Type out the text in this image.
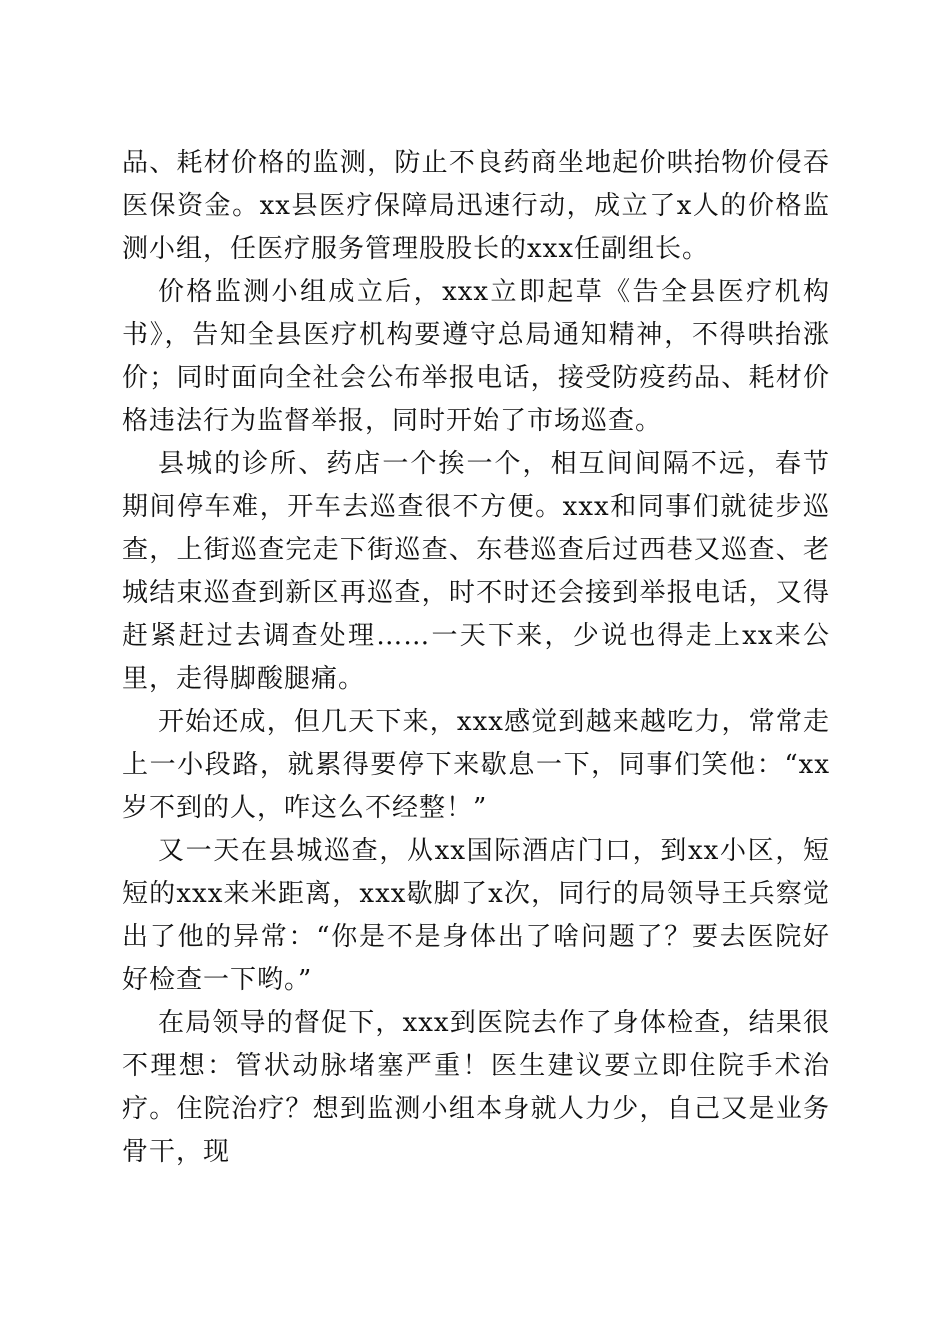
品、耗材价格的监测，防止不良药商坐地起价哄抬物价侵吞医保资金。xx县医疗保障局迅速行动，成立了x人的价格监测小组，任医疗服务管理股股长的xxx任副组长。

价格监测小组成立后，xxx立即起草《告全县医疗机构书》，告知全县医疗机构要遵守总局通知精神，不得哄抬涨价；同时面向全社会公布举报电话，接受防疫药品、耗材价格违法行为监督举报，同时开始了市场巡查。

县城的诊所、药店一个挨一个，相互间间隔不远，春节期间停车难，开车去巡查很不方便。xxx和同事们就徒步巡查，上街巡查完走下街巡查、东巷巡查后过西巷又巡查、老城结束巡查到新区再巡查，时不时还会接到举报电话，又得赶紧赶过去调查处理……一天下来，少说也得走上xx来公里，走得脚酸腿痛。

开始还成，但几天下来，xxx感觉到越来越吃力，常常走上一小段路，就累得要停下来歇息一下，同事们笑他：“xx岁不到的人，咋这么不经整！”

又一天在县城巡查，从xx国际酒店门口，到xx小区，短短的xxx来米距离，xxx歇脚了x次，同行的局领导王兵察觉出了他的异常：“你是不是身体出了啥问题了？要去医院好好检查一下哟。”

在局领导的督促下，xxx到医院去作了身体检查，结果很不理想：管状动脉堵塞严重！医生建议要立即住院手术治疗。住院治疗？想到监测小组本身就人力少，自己又是业务骨干，现
